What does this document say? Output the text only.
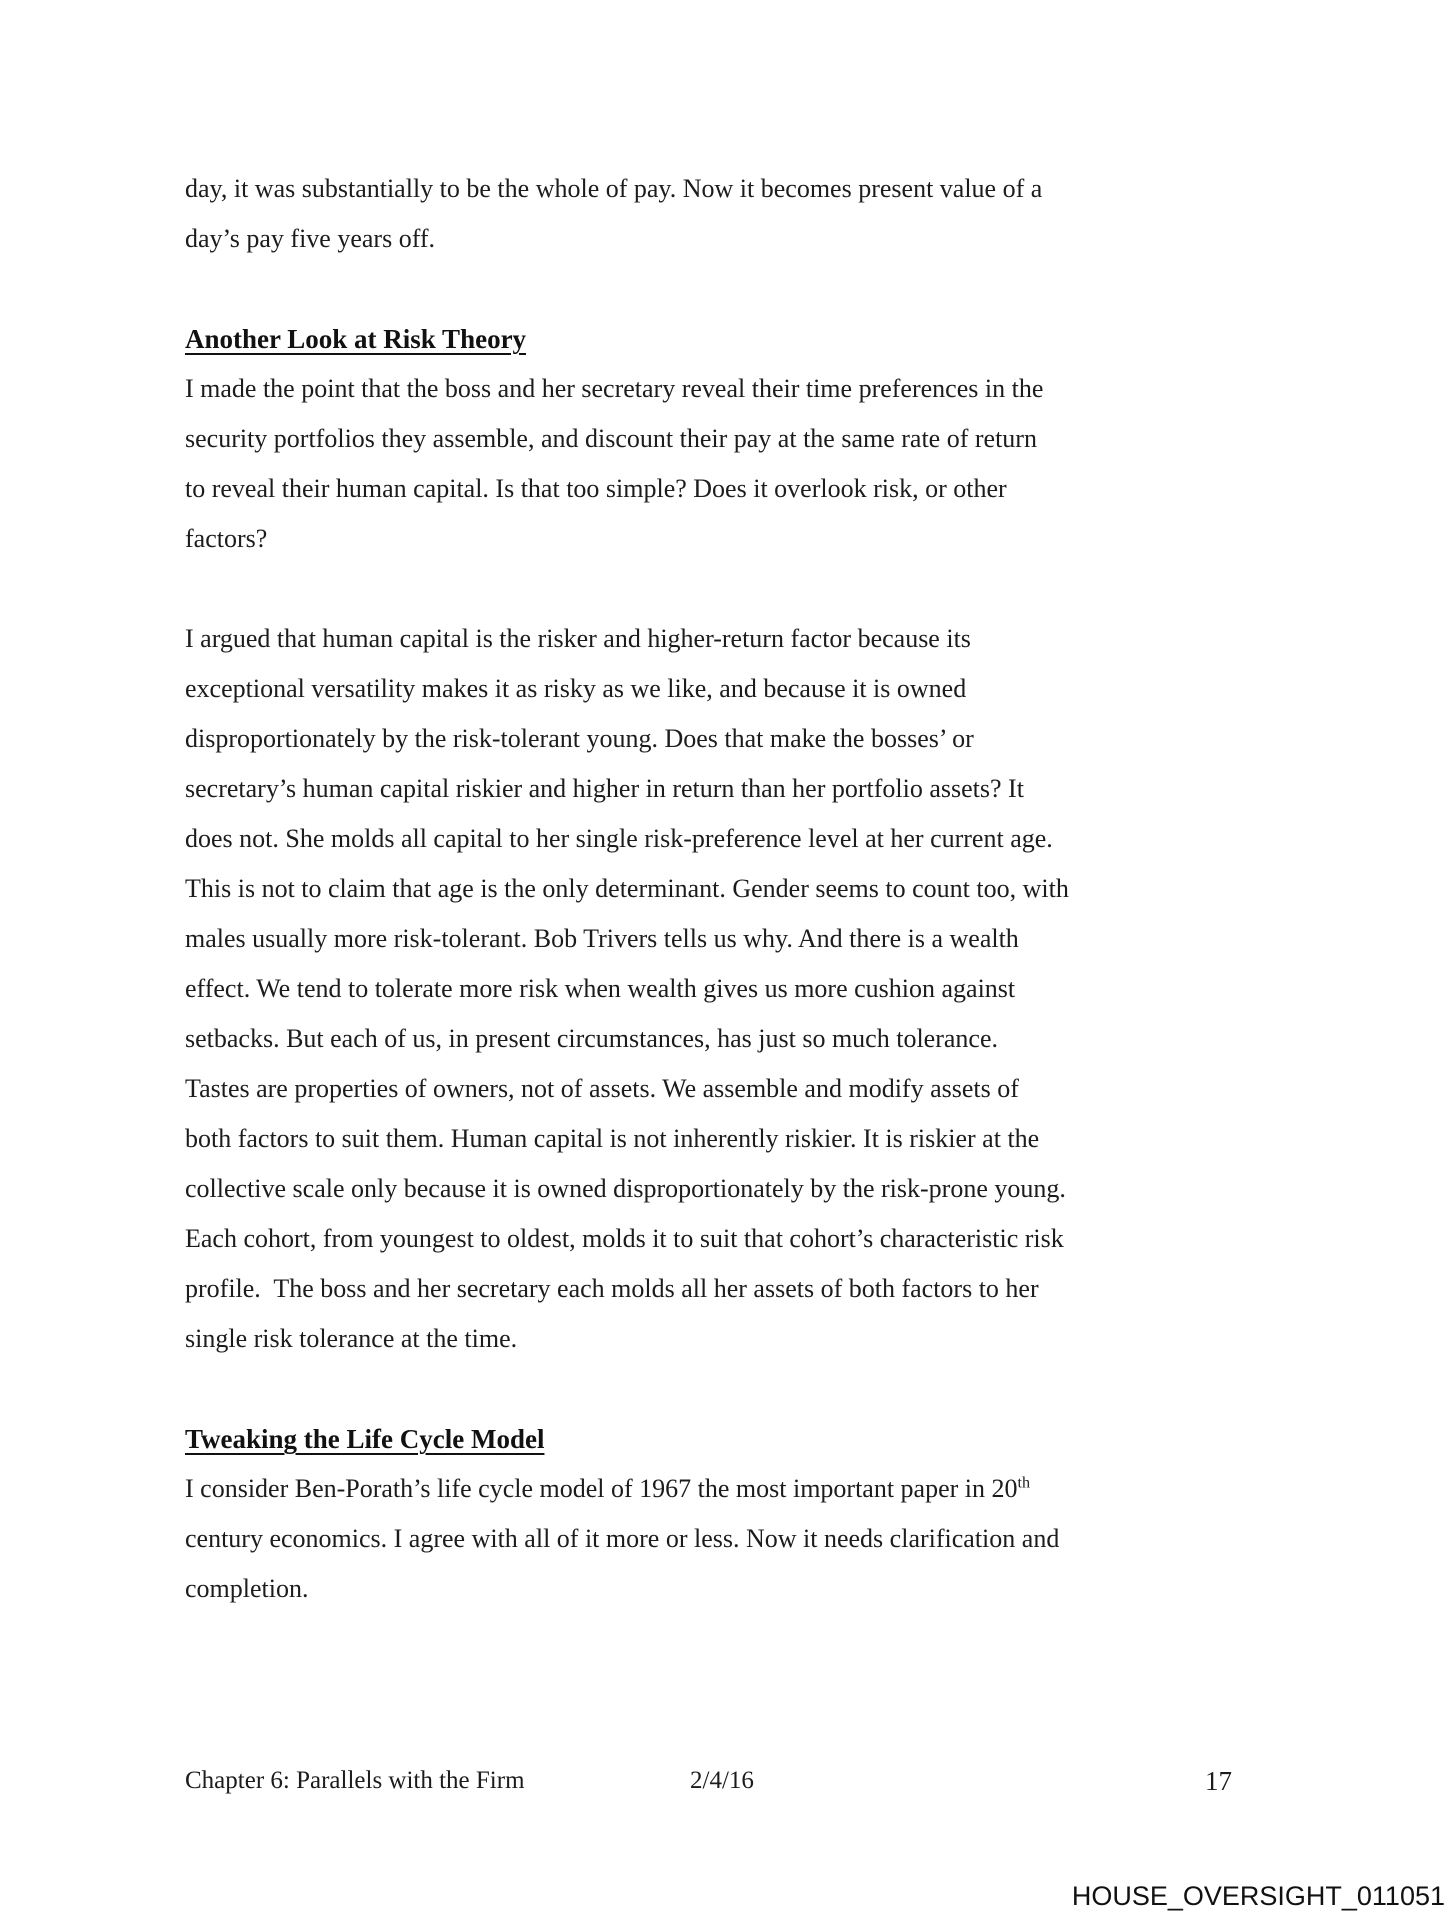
day, it was substantially to be the whole of pay. Now it becomes present value of a
day’s pay five years off.
Another Look at Risk Theory
I made the point that the boss and her secretary reveal their time preferences in the
security portfolios they assemble, and discount their pay at the same rate of return
to reveal their human capital. Is that too simple? Does it overlook risk, or other
factors?
I argued that human capital is the risker and higher-return factor because its
exceptional versatility makes it as risky as we like, and because it is owned
disproportionately by the risk-tolerant young. Does that make the bosses’ or
secretary’s human capital riskier and higher in return than her portfolio assets? It
does not. She molds all capital to her single risk-preference level at her current age.
This is not to claim that age is the only determinant. Gender seems to count too, with
males usually more risk-tolerant. Bob Trivers tells us why. And there is a wealth
effect. We tend to tolerate more risk when wealth gives us more cushion against
setbacks. But each of us, in present circumstances, has just so much tolerance.
Tastes are properties of owners, not of assets. We assemble and modify assets of
both factors to suit them. Human capital is not inherently riskier. It is riskier at the
collective scale only because it is owned disproportionately by the risk-prone young.
Each cohort, from youngest to oldest, molds it to suit that cohort’s characteristic risk
profile.  The boss and her secretary each molds all her assets of both factors to her
single risk tolerance at the time.
Tweaking the Life Cycle Model
I consider Ben-Porath’s life cycle model of 1967 the most important paper in 20th
century economics. I agree with all of it more or less. Now it needs clarification and
completion.
Chapter 6: Parallels with the Firm	2/4/16	17
HOUSE_OVERSIGHT_011051
